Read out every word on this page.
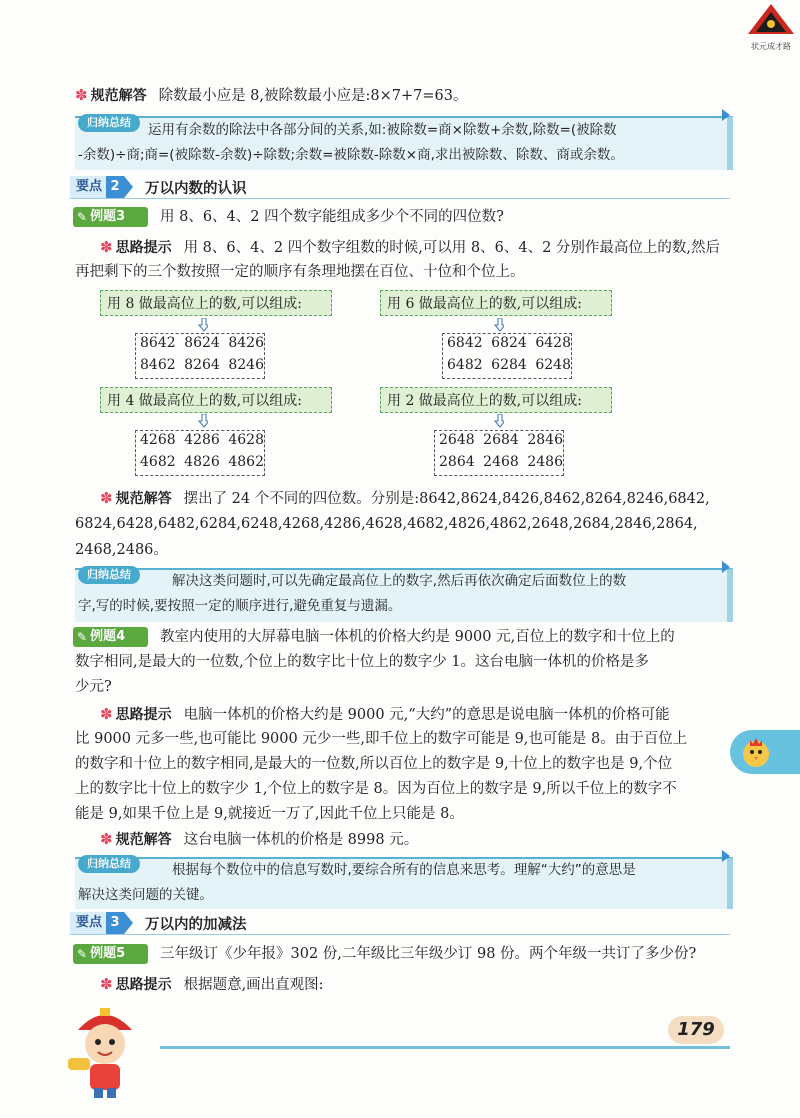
状元成才路
✽ 规范解答 除数最小应是 8,被除数最小应是:8×7+7=63。
归纳总结	运用有余数的除法中各部分间的关系,如:被除数=商×除数+余数,除数=(被除数
-余数)÷商;商=(被除数-余数)÷除数;余数=被除数-除数×商,求出被除数、除数、商或余数。
要点 2	万以内数的认识
✎ 例题3	用 8、6、4、2 四个数字能组成多少个不同的四位数?
✽ 思路提示 用 8、6、4、2 四个数字组数的时候,可以用 8、6、4、2 分别作最高位上的数,然后
再把剩下的三个数按照一定的顺序有条理地摆在百位、十位和个位上。
用 8 做最高位上的数,可以组成:	用 6 做最高位上的数,可以组成:
8642 8624 8426
8462 8264 8246
6842 6824 6428
6482 6284 6248
用 4 做最高位上的数,可以组成:	用 2 做最高位上的数,可以组成:
4268 4286 4628
4682 4826 4862
2648 2684 2846
2864 2468 2486
✽ 规范解答 摆出了 24 个不同的四位数。分别是:8642,8624,8426,8462,8264,8246,6842,
6824,6428,6482,6284,6248,4268,4286,4628,4682,4826,4862,2648,2684,2846,2864,
2468,2486。
归纳总结	解决这类问题时,可以先确定最高位上的数字,然后再依次确定后面数位上的数
字,写的时候,要按照一定的顺序进行,避免重复与遗漏。
✎ 例题4	教室内使用的大屏幕电脑一体机的价格大约是 9000 元,百位上的数字和十位上的
数字相同,是最大的一位数,个位上的数字比十位上的数字少 1。这台电脑一体机的价格是多
少元?
✽ 思路提示 电脑一体机的价格大约是 9000 元,“大约”的意思是说电脑一体机的价格可能
比 9000 元多一些,也可能比 9000 元少一些,即千位上的数字可能是 9,也可能是 8。由于百位上
的数字和十位上的数字相同,是最大的一位数,所以百位上的数字是 9,十位上的数字也是 9,个位
上的数字比十位上的数字少 1,个位上的数字是 8。因为百位上的数字是 9,所以千位上的数字不
能是 9,如果千位上是 9,就接近一万了,因此千位上只能是 8。
✽ 规范解答 这台电脑一体机的价格是 8998 元。
归纳总结	根据每个数位中的信息写数时,要综合所有的信息来思考。理解“大约”的意思是
解决这类问题的关键。
要点 3	万以内的加减法
✎ 例题5	三年级订《少年报》302 份,二年级比三年级少订 98 份。两个年级一共订了多少份?
✽ 思路提示 根据题意,画出直观图:
179
